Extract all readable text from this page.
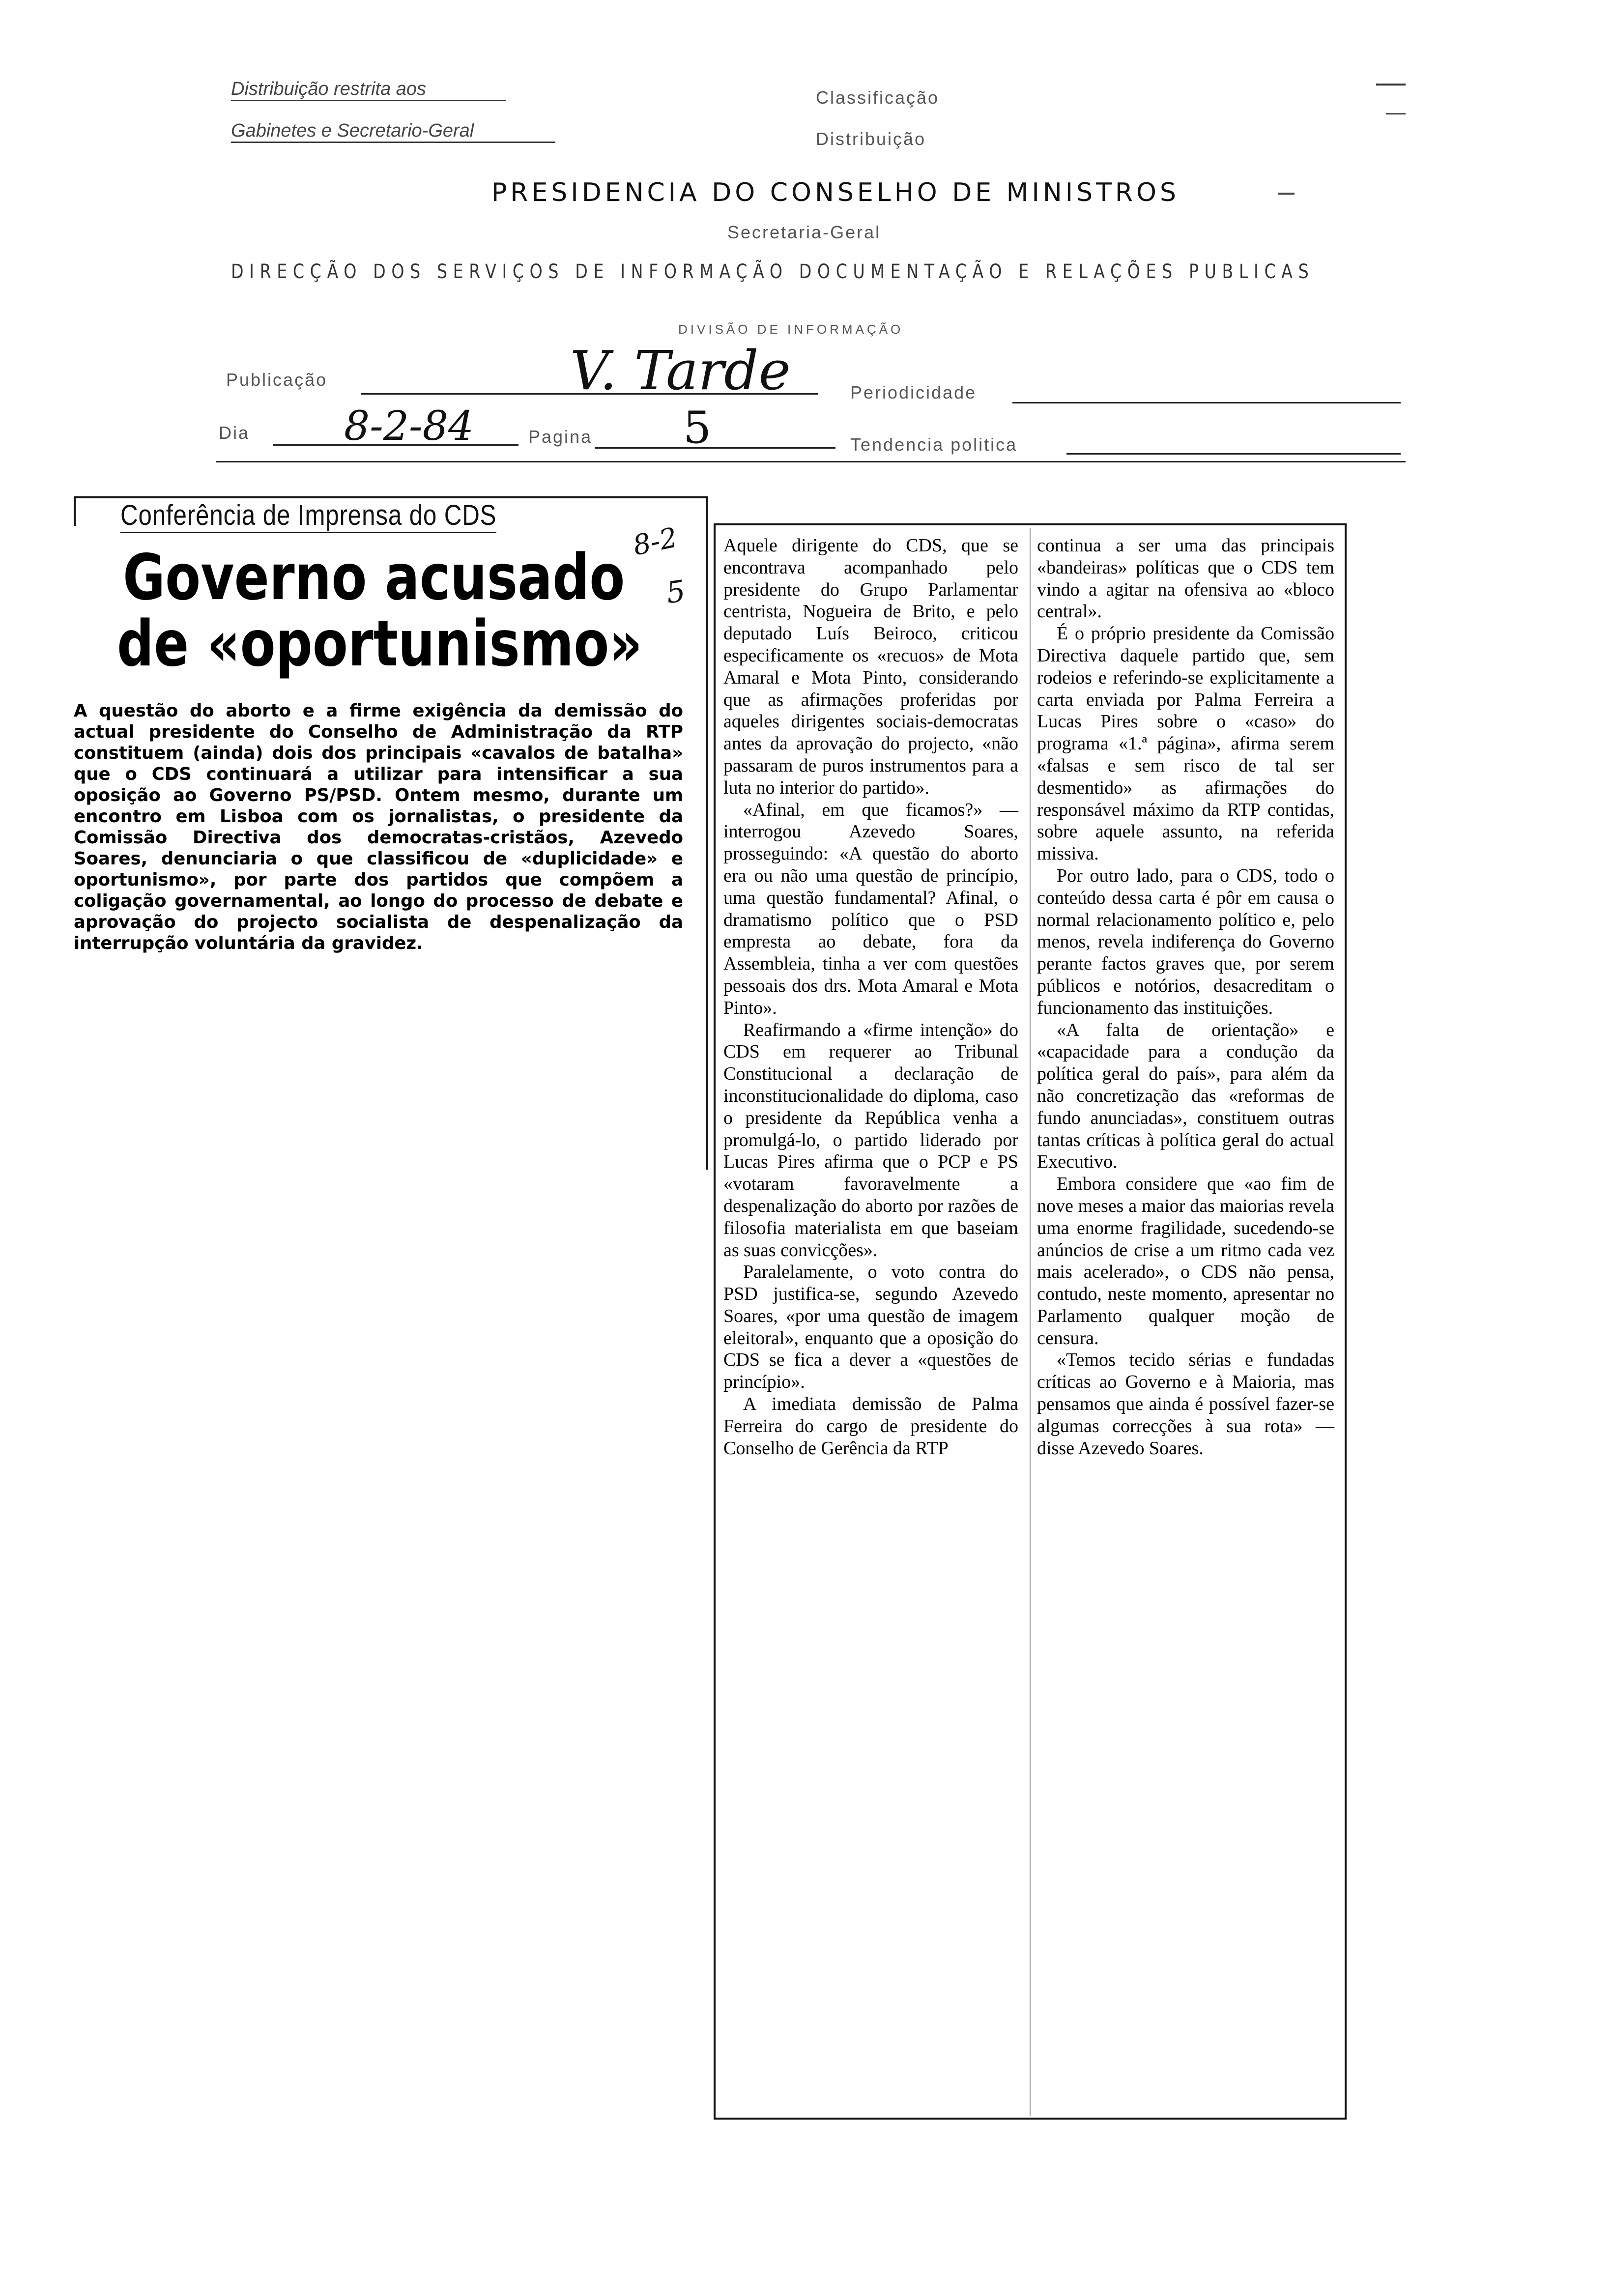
Distribuição restrita aos
Gabinetes e Secretario-Geral
Classificação
Distribuição
PRESIDENCIA DO CONSELHO DE MINISTROS
Secretaria-Geral
DIRECÇÃO DOS SERVIÇOS DE INFORMAÇÃO DOCUMENTAÇÃO E RELAÇÕES PUBLICAS
DIVISÃO DE INFORMAÇÃO
Publicação	V. Tarde	Periodicidade
Dia 8-2-84	Pagina 5	Tendencia politica
Conferência de Imprensa do CDS
Governo acusado
de «oportunismo»
8-2
5
A questão do aborto e a firme exigência da demissão do actual presidente do Conselho de Administração da RTP constituem (ainda) dois dos principais «cavalos de batalha» que o CDS continuará a utilizar para intensificar a sua oposição ao Governo PS/PSD. Ontem mesmo, durante um encontro em Lisboa com os jornalistas, o presidente da Comissão Directiva dos democratas-cristãos, Azevedo Soares, denunciaria o que classificou de «duplicidade» e oportunismo», por parte dos partidos que compõem a coligação governamental, ao longo do processo de debate e aprovação do projecto socialista de despenalização da interrupção voluntária da gravidez.

Aquele dirigente do CDS, que se encontrava acompanhado pelo presidente do Grupo Parlamentar centrista, Nogueira de Brito, e pelo deputado Luís Beiroco, criticou especificamente os «recuos» de Mota Amaral e Mota Pinto, considerando que as afirmações proferidas por aqueles dirigentes sociais-democratas antes da aprovação do projecto, «não passaram de puros instrumentos para a luta no interior do partido».

«Afinal, em que ficamos?» — interrogou Azevedo Soares, prosseguindo: «A questão do aborto era ou não uma questão de princípio, uma questão fundamental? Afinal, o dramatismo político que o PSD empresta ao debate, fora da Assembleia, tinha a ver com questões pessoais dos drs. Mota Amaral e Mota Pinto».

Reafirmando a «firme intenção» do CDS em requerer ao Tribunal Constitucional a declaração de inconstitucionalidade do diploma, caso o presidente da República venha a promulgá-lo, o partido liderado por Lucas Pires afirma que o PCP e PS «votaram favoravelmente a despenalização do aborto por razões de filosofia materialista em que baseiam as suas convicções».

Paralelamente, o voto contra do PSD justifica-se, segundo Azevedo Soares, «por uma questão de imagem eleitoral», enquanto que a oposição do CDS se fica a dever a «questões de princípio».

A imediata demissão de Palma Ferreira do cargo de presidente do Conselho de Gerência da RTP

continua a ser uma das principais «bandeiras» políticas que o CDS tem vindo a agitar na ofensiva ao «bloco central».

É o próprio presidente da Comissão Directiva daquele partido que, sem rodeios e referindo-se explicitamente a carta enviada por Palma Ferreira a Lucas Pires sobre o «caso» do programa «1.ª página», afirma serem «falsas e sem risco de tal ser desmentido» as afirmações do responsável máximo da RTP contidas, sobre aquele assunto, na referida missiva.

Por outro lado, para o CDS, todo o conteúdo dessa carta é pôr em causa o normal relacionamento político e, pelo menos, revela indiferença do Governo perante factos graves que, por serem públicos e notórios, desacreditam o funcionamento das instituições.

«A falta de orientação» e «capacidade para a condução da política geral do país», para além da não concretização das «reformas de fundo anunciadas», constituem outras tantas críticas à política geral do actual Executivo.

Embora considere que «ao fim de nove meses a maior das maiorias revela uma enorme fragilidade, sucedendo-se anúncios de crise a um ritmo cada vez mais acelerado», o CDS não pensa, contudo, neste momento, apresentar no Parlamento qualquer moção de censura.

«Temos tecido sérias e fundadas críticas ao Governo e à Maioria, mas pensamos que ainda é possível fazer-se algumas correcções à sua rota» — disse Azevedo Soares.
